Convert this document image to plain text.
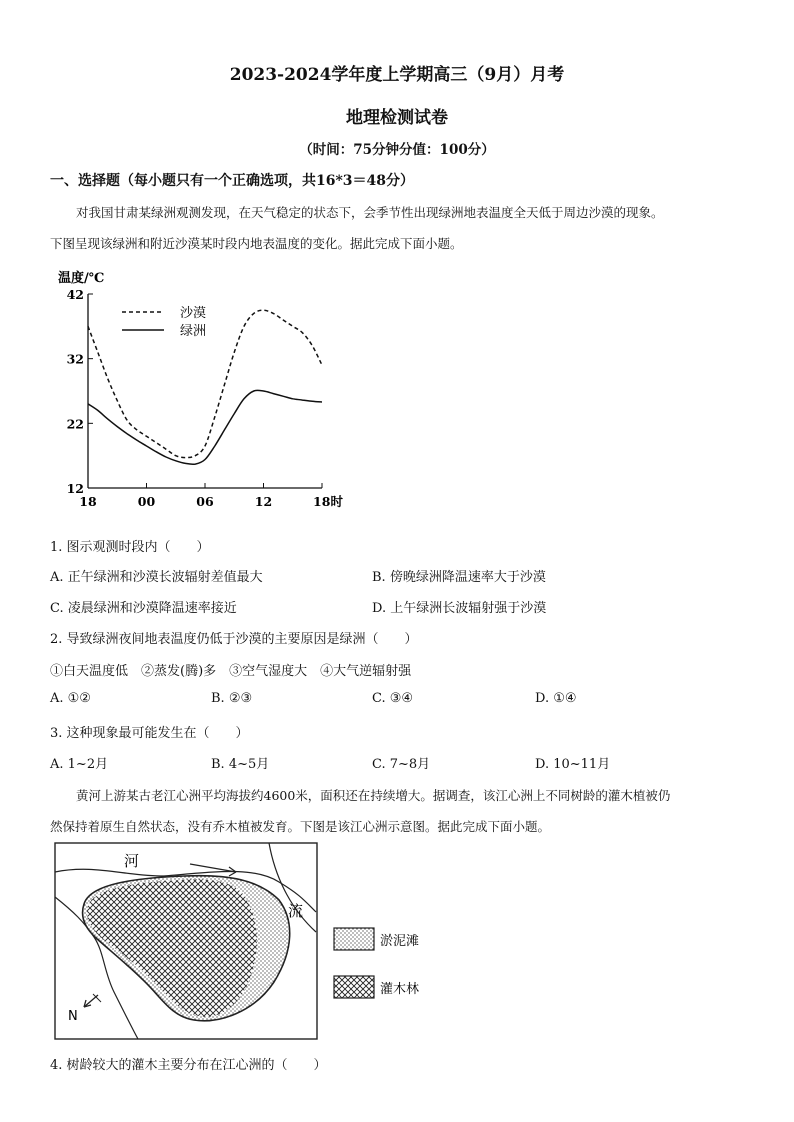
2023-2024学年度上学期高三（9月）月考
地理检测试卷
（时间：75分钟分值：100分）
一、选择题（每小题只有一个正确选项，共16*3＝48分）
对我国甘肃某绿洲观测发现，在天气稳定的状态下，会季节性出现绿洲地表温度全天低于周边沙漠的现象。
下图呈现该绿洲和附近沙漠某时段内地表温度的变化。据此完成下面小题。
温度/℃
42
32
22
12
18	00	06	12	18时
沙漠
绿洲
1. 图示观测时段内（　　）
A. 正午绿洲和沙漠长波辐射差值最大	B. 傍晚绿洲降温速率大于沙漠
C. 凌晨绿洲和沙漠降温速率接近	D. 上午绿洲长波辐射强于沙漠
2. 导致绿洲夜间地表温度仍低于沙漠的主要原因是绿洲（　　）
①白天温度低　②蒸发(腾)多　③空气湿度大　④大气逆辐射强
A. ①②	B. ②③	C. ③④	D. ①④
3. 这种现象最可能发生在（　　）
A. 1~2月	B. 4~5月	C. 7~8月	D. 10~11月
黄河上游某古老江心洲平均海拔约4600米，面积还在持续增大。据调查，该江心洲上不同树龄的灌木植被仍
然保持着原生自然状态，没有乔木植被发育。下图是该江心洲示意图。据此完成下面小题。
河
流
N
淤泥滩
灌木林
4. 树龄较大的灌木主要分布在江心洲的（　　）
